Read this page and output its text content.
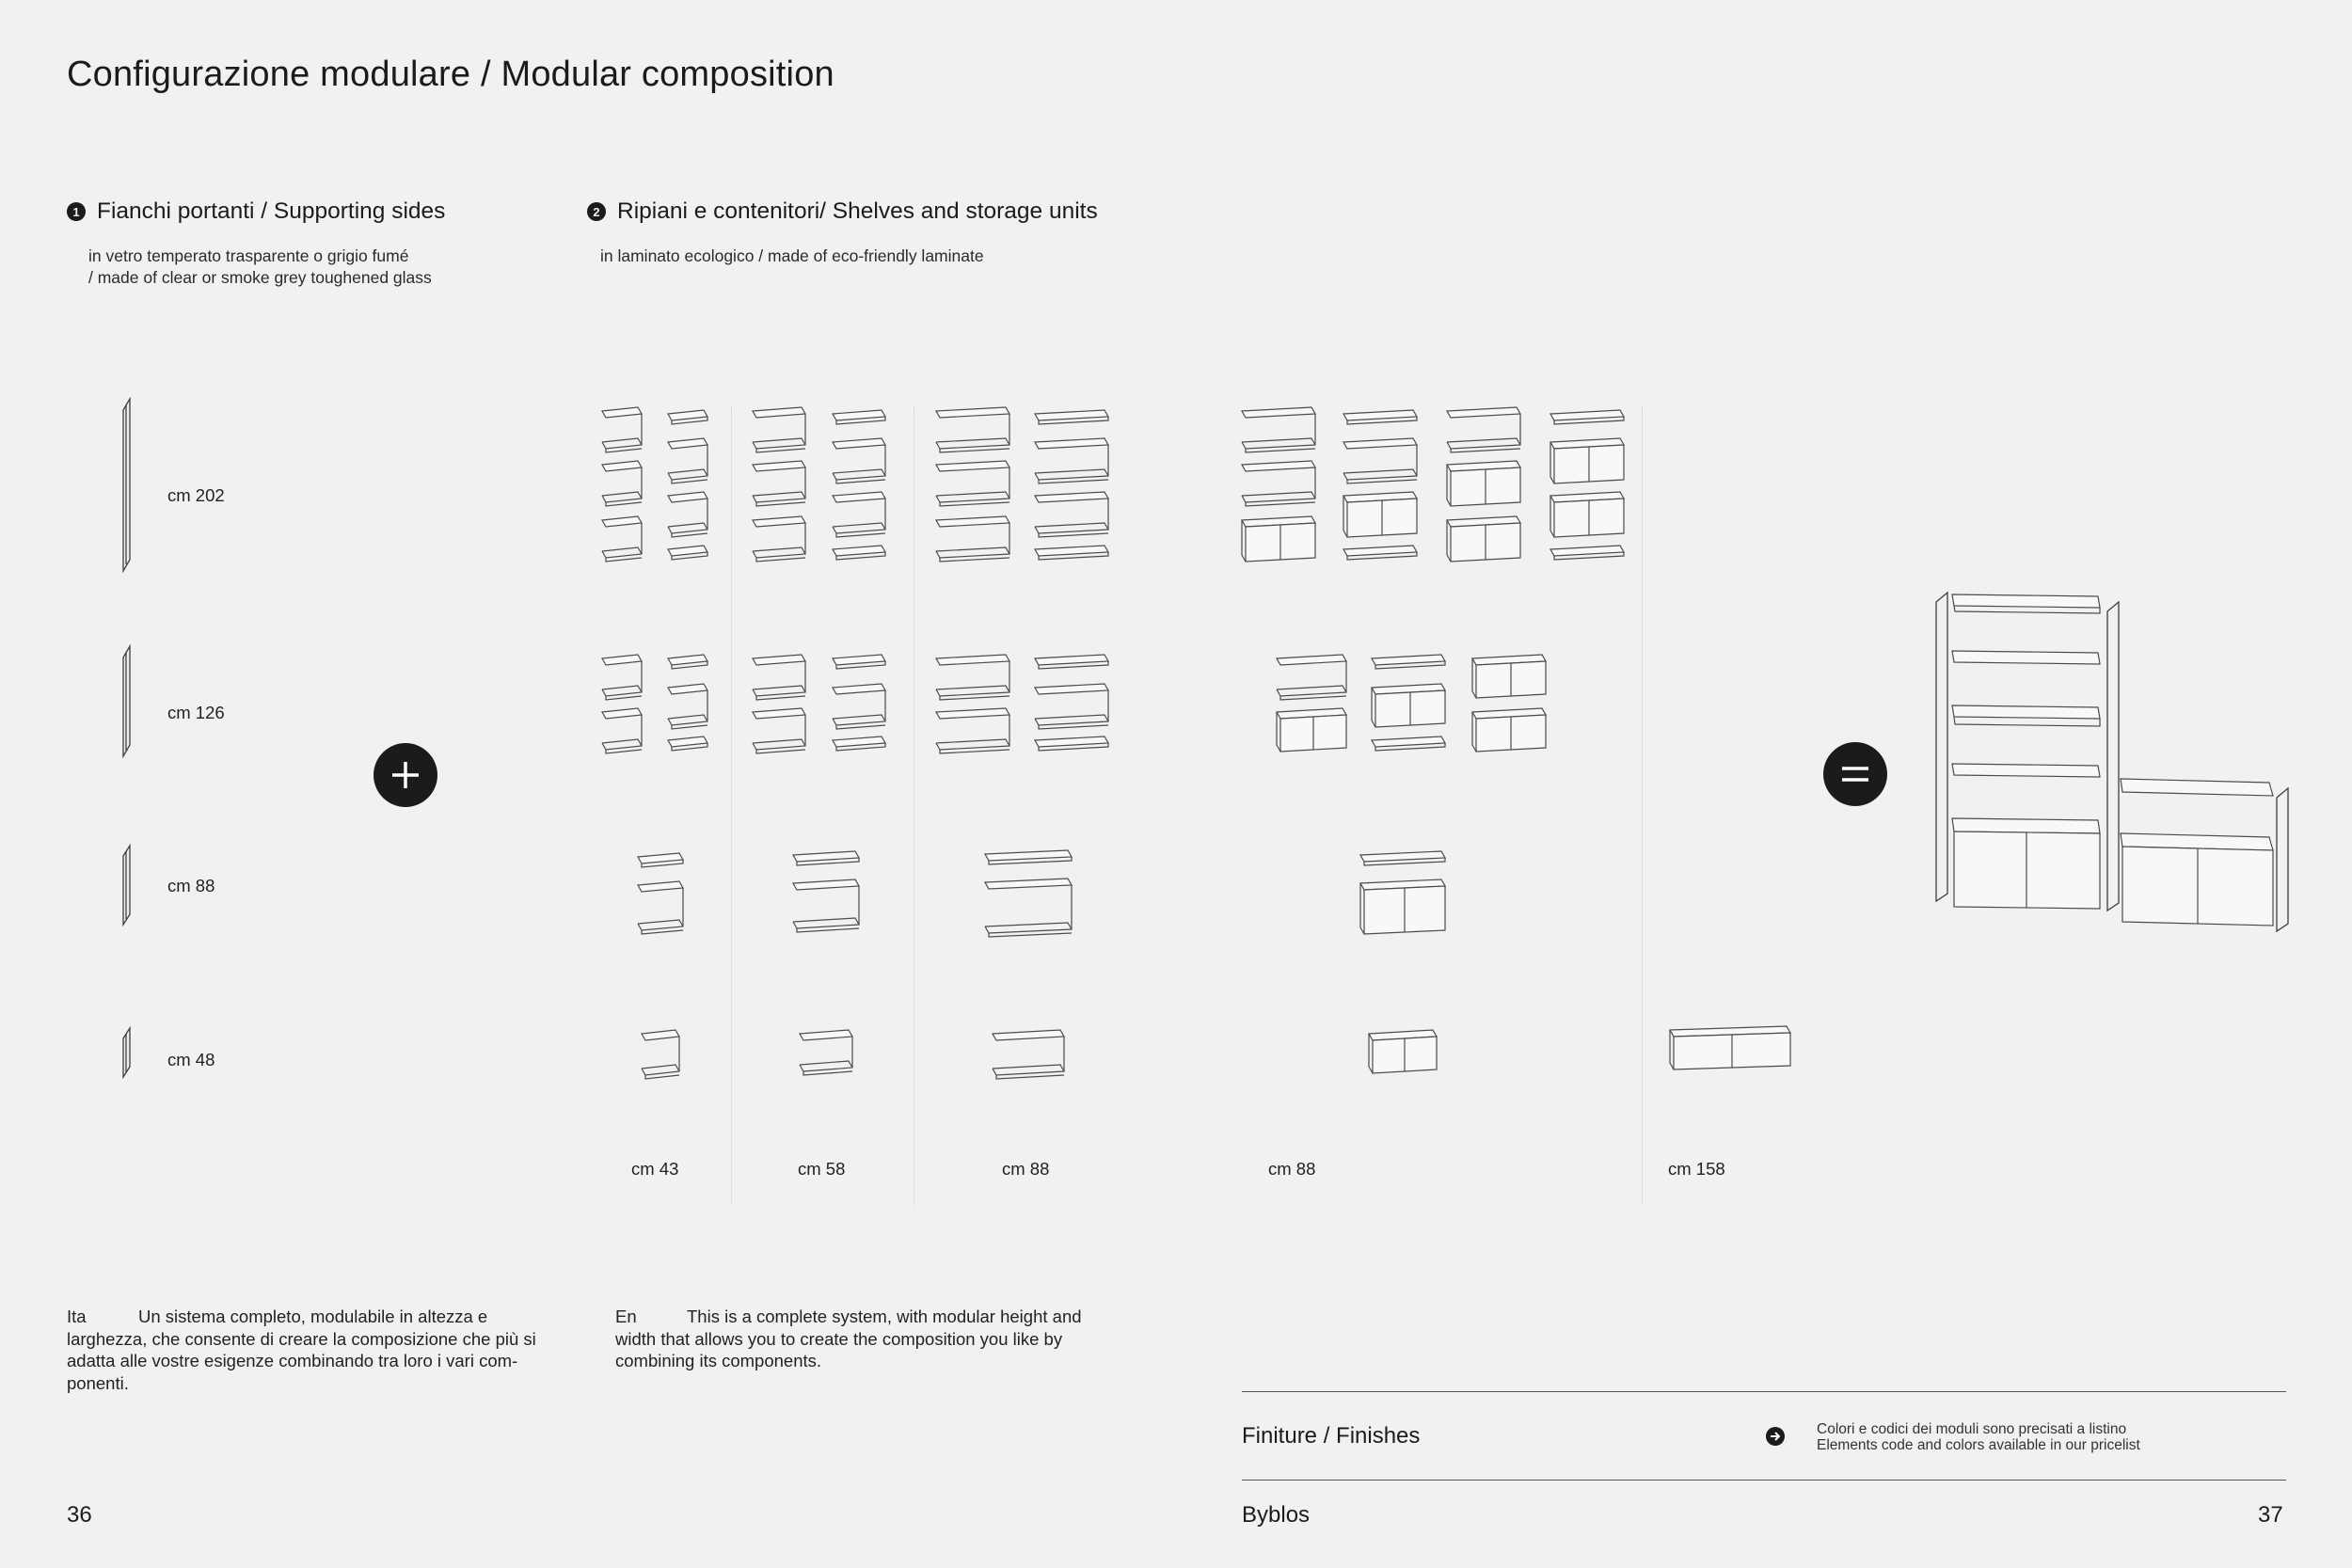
Configurazione modulare / Modular composition
1 Fianchi portanti / Supporting sides
in vetro temperato trasparente o grigio fumé
/ made of clear or smoke grey toughened glass
2 Ripiani e contenitori/ Shelves and storage units
in laminato ecologico / made of eco-friendly laminate
cm 202
cm 126
cm 88
cm 48
cm 43	cm 58	cm 88	cm 88	cm 158
Ita	Un sistema completo, modulabile in altezza e
larghezza, che consente di creare la composizione che più si
adatta alle vostre esigenze combinando tra loro i vari com-
ponenti.
En	This is a complete system, with modular height and
width that allows you to create the composition you like by
combining its components.
Finiture / Finishes	Colori e codici dei moduli sono precisati a listino
Elements code and colors available in our pricelist
36	Byblos	37
